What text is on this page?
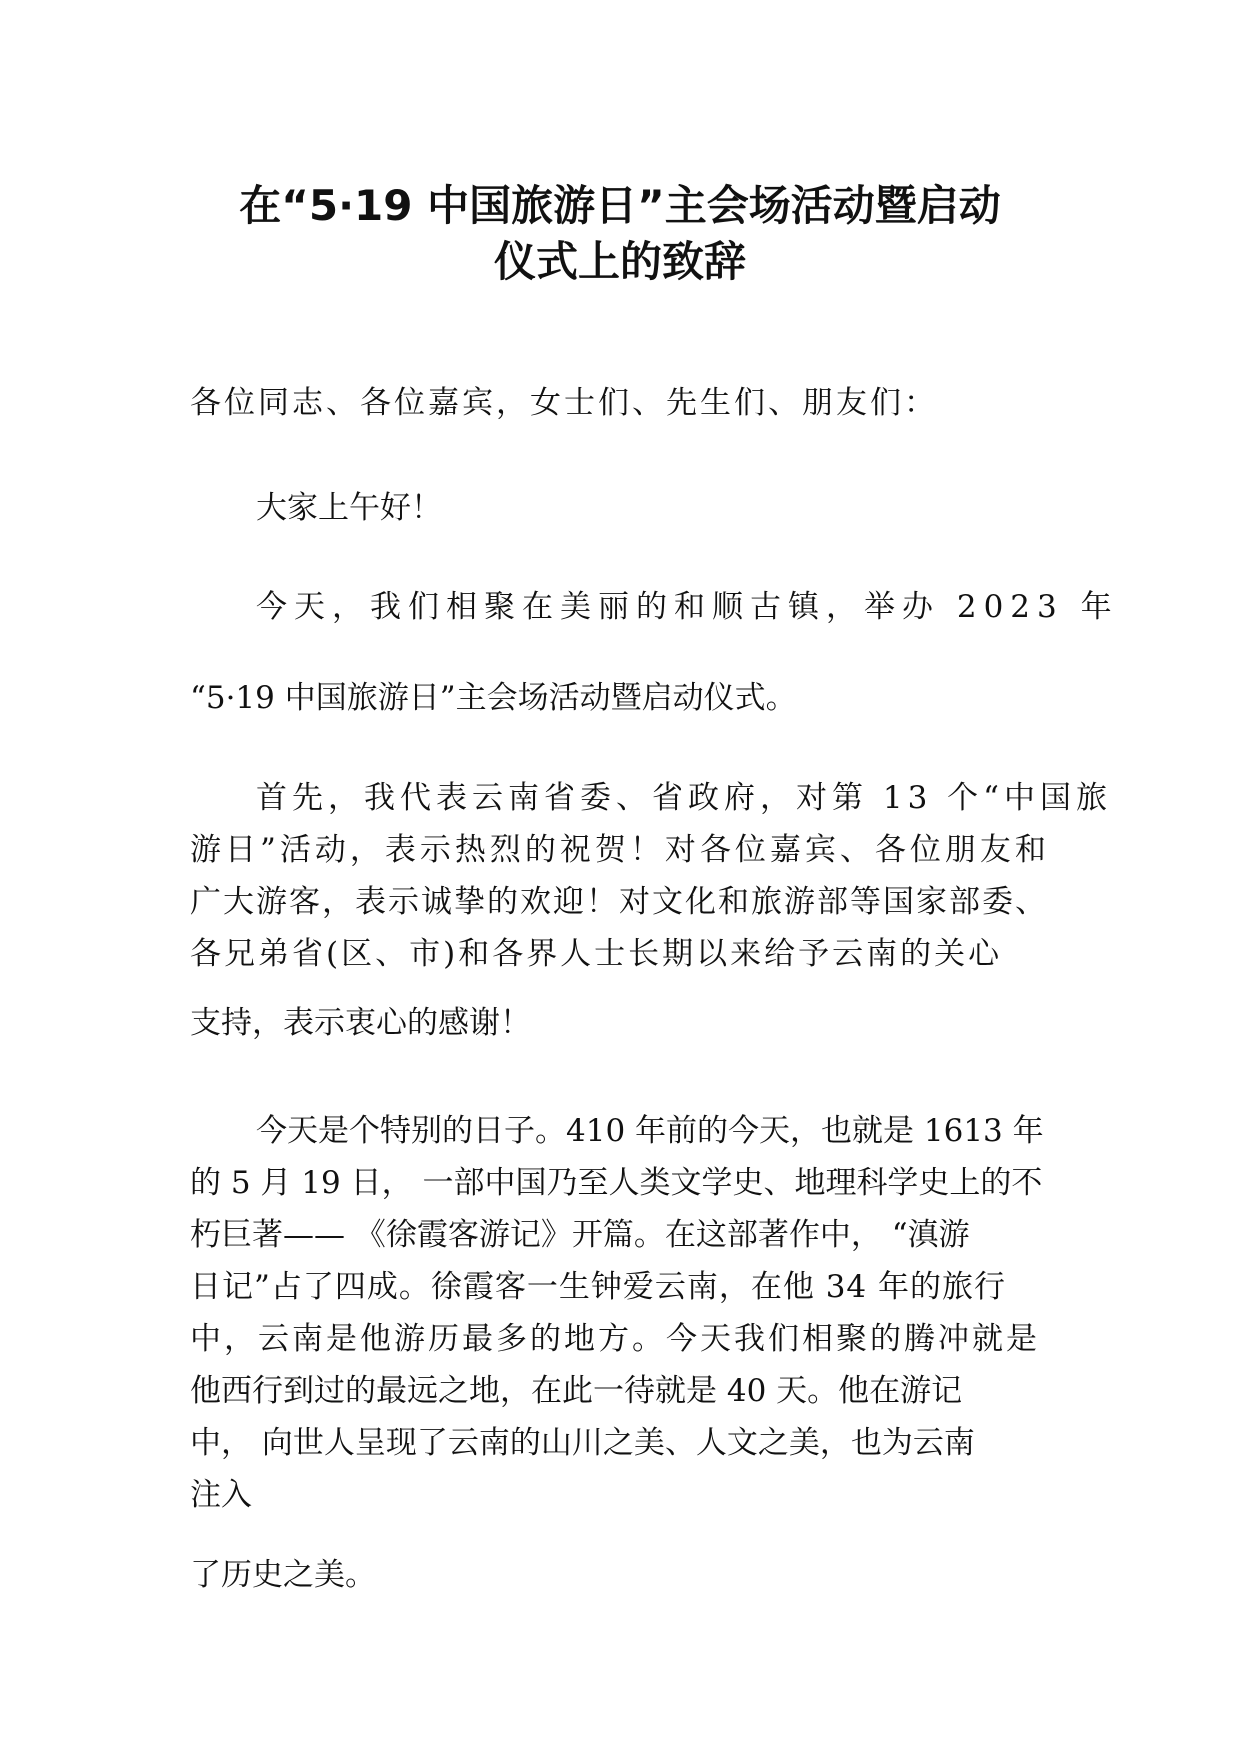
在“5·19 中国旅游日”主会场活动暨启动
仪式上的致辞

各位同志、各位嘉宾，女士们、先生们、朋友们：

大家上午好！

今天，我们相聚在美丽的和顺古镇，举办 2023 年

“5·19 中国旅游日”主会场活动暨启动仪式。

首先，我代表云南省委、省政府，对第 13 个“中国旅

游日”活动，表示热烈的祝贺！对各位嘉宾、各位朋友和

广大游客，表示诚挚的欢迎！对文化和旅游部等国家部委、

各兄弟省(区、市)和各界人士长期以来给予云南的关心

支持，表示衷心的感谢！

今天是个特别的日子。410 年前的今天，也就是 1613 年

的 5 月 19 日， 一部中国乃至人类文学史、地理科学史上的不

朽巨著—— 《徐霞客游记》开篇。在这部著作中， “滇游

日记”占了四成。徐霞客一生钟爱云南，在他 34 年的旅行

中，云南是他游历最多的地方。今天我们相聚的腾冲就是

他西行到过的最远之地，在此一待就是 40 天。他在游记

中， 向世人呈现了云南的山川之美、人文之美，也为云南

注入

了历史之美。
